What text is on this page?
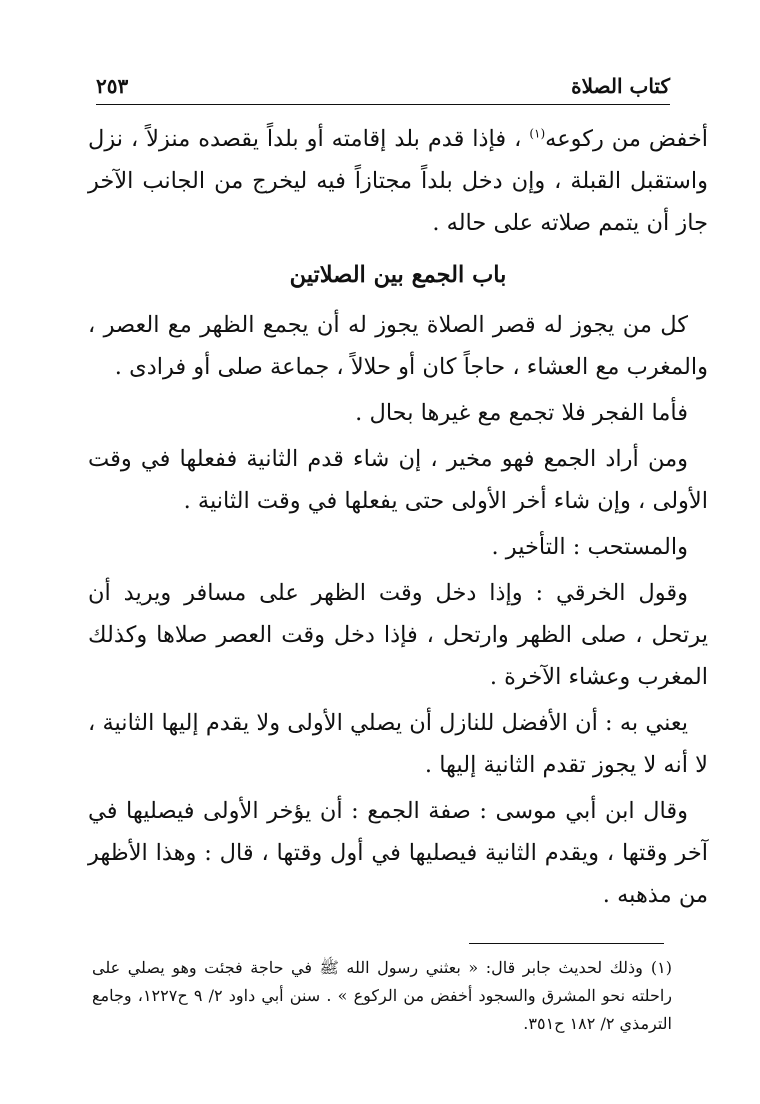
كتاب الصلاة
٢٥٣

أخفض من ركوعه$^{(١)}$ ، فإذا قدم بلد إقامته أو بلداً يقصده منزلاً ، نزل واستقبل القبلة ، وإن دخل بلداً مجتازاً فيه ليخرج من الجانب الآخر جاز أن يتمم صلاته على حاله .

باب الجمع بين الصلاتين

كل من يجوز له قصر الصلاة يجوز له أن يجمع الظهر مع العصر ، والمغرب مع العشاء ، حاجاً كان أو حلالاً ، جماعة صلى أو فرادى .

فأما الفجر فلا تجمع مع غيرها بحال .

ومن أراد الجمع فهو مخير ، إن شاء قدم الثانية ففعلها في وقت الأولى ، وإن شاء أخر الأولى حتى يفعلها في وقت الثانية .

والمستحب : التأخير .

وقول الخرقي : وإذا دخل وقت الظهر على مسافر ويريد أن يرتحل ، صلى الظهر وارتحل ، فإذا دخل وقت العصر صلاها وكذلك المغرب وعشاء الآخرة .

يعني به : أن الأفضل للنازل أن يصلي الأولى ولا يقدم إليها الثانية ، لا أنه لا يجوز تقدم الثانية إليها .

وقال ابن أبي موسى : صفة الجمع : أن يؤخر الأولى فيصليها في آخر وقتها ، ويقدم الثانية فيصليها في أول وقتها ، قال : وهذا الأظهر من مذهبه .

(١)وذلك لحديث جابر قال: « بعثني رسول الله ﷺ في حاجة فجئت وهو يصلي على راحلته نحو المشرق والسجود أخفض من الركوع » . سنن أبي داود ٢/ ٩ ح١٢٢٧، وجامع الترمذي ٢/ ١٨٢ ح٣٥١.
